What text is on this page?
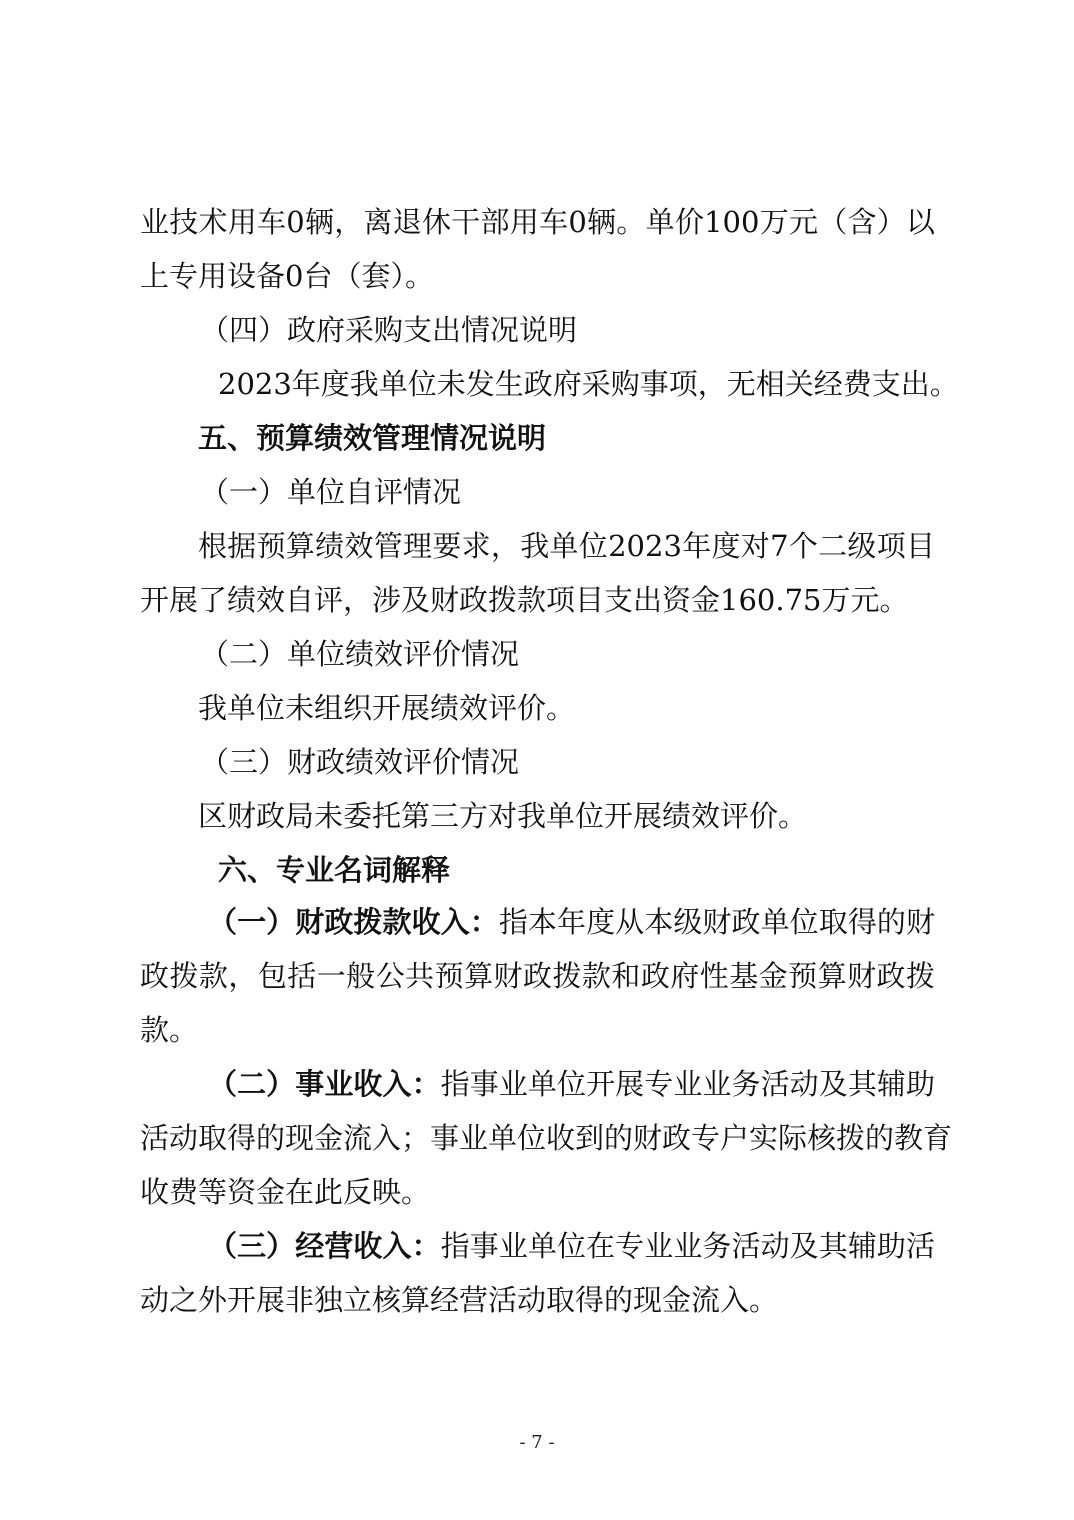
业技术用车0辆，离退休干部用车0辆。单价100万元（含）以
上专用设备0台（套）。
（四）政府采购支出情况说明
2023年度我单位未发生政府采购事项，无相关经费支出。
五、预算绩效管理情况说明
（一）单位自评情况
根据预算绩效管理要求，我单位2023年度对7个二级项目
开展了绩效自评，涉及财政拨款项目支出资金160.75万元。
（二）单位绩效评价情况
我单位未组织开展绩效评价。
（三）财政绩效评价情况
区财政局未委托第三方对我单位开展绩效评价。
六、专业名词解释
（一）财政拨款收入：指本年度从本级财政单位取得的财
政拨款，包括一般公共预算财政拨款和政府性基金预算财政拨
款。
（二）事业收入：指事业单位开展专业业务活动及其辅助
活动取得的现金流入；事业单位收到的财政专户实际核拨的教育
收费等资金在此反映。
（三）经营收入：指事业单位在专业业务活动及其辅助活
动之外开展非独立核算经营活动取得的现金流入。
- 7 -
